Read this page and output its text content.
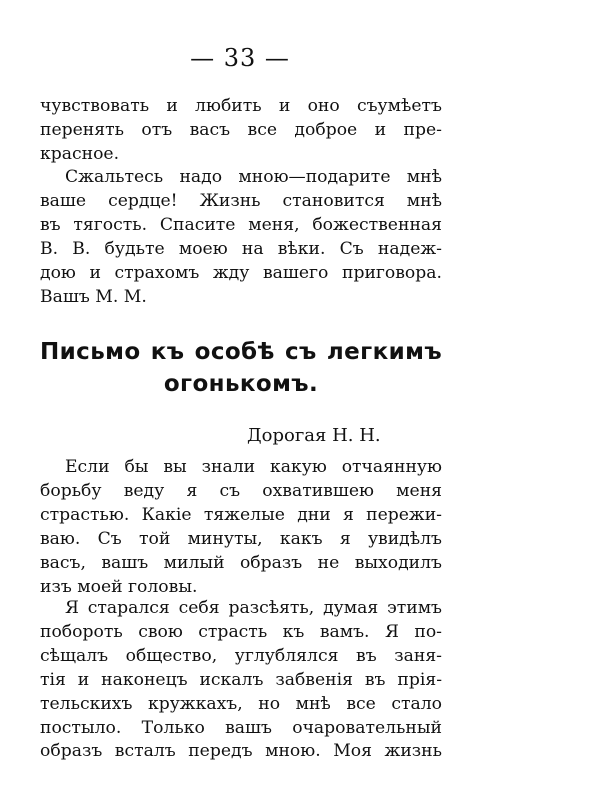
— 33 —
чувствовать и любить и оно съумѣетъ
перенять отъ васъ все доброе и пре-
красное.
Сжальтесь надо мною—подарите мнѣ
ваше сердце! Жизнь становится мнѣ
въ тягость. Спасите меня, божественная
В. В. будьте моею на вѣки. Съ надеж-
дою и страхомъ жду вашего приговора.
Вашъ М. М.
Письмо къ особѣ съ легкимъ
огонькомъ.
Дорогая Н. Н.
Если бы вы знали какую отчаянную
борьбу веду я съ охватившею меня
страстью. Какiе тяжелые дни я пережи-
ваю. Съ той минуты, какъ я увидѣлъ
васъ, вашъ милый образъ не выходилъ
изъ моей головы.
Я старался себя разсѣять, думая этимъ
побороть свою страсть къ вамъ. Я по-
сѣщалъ общество, углублялся въ заня-
тiя и наконецъ искалъ забвенiя въ прiя-
тельскихъ кружкахъ, но мнѣ все стало
постыло. Только вашъ очаровательный
образъ всталъ передъ мною. Моя жизнь
